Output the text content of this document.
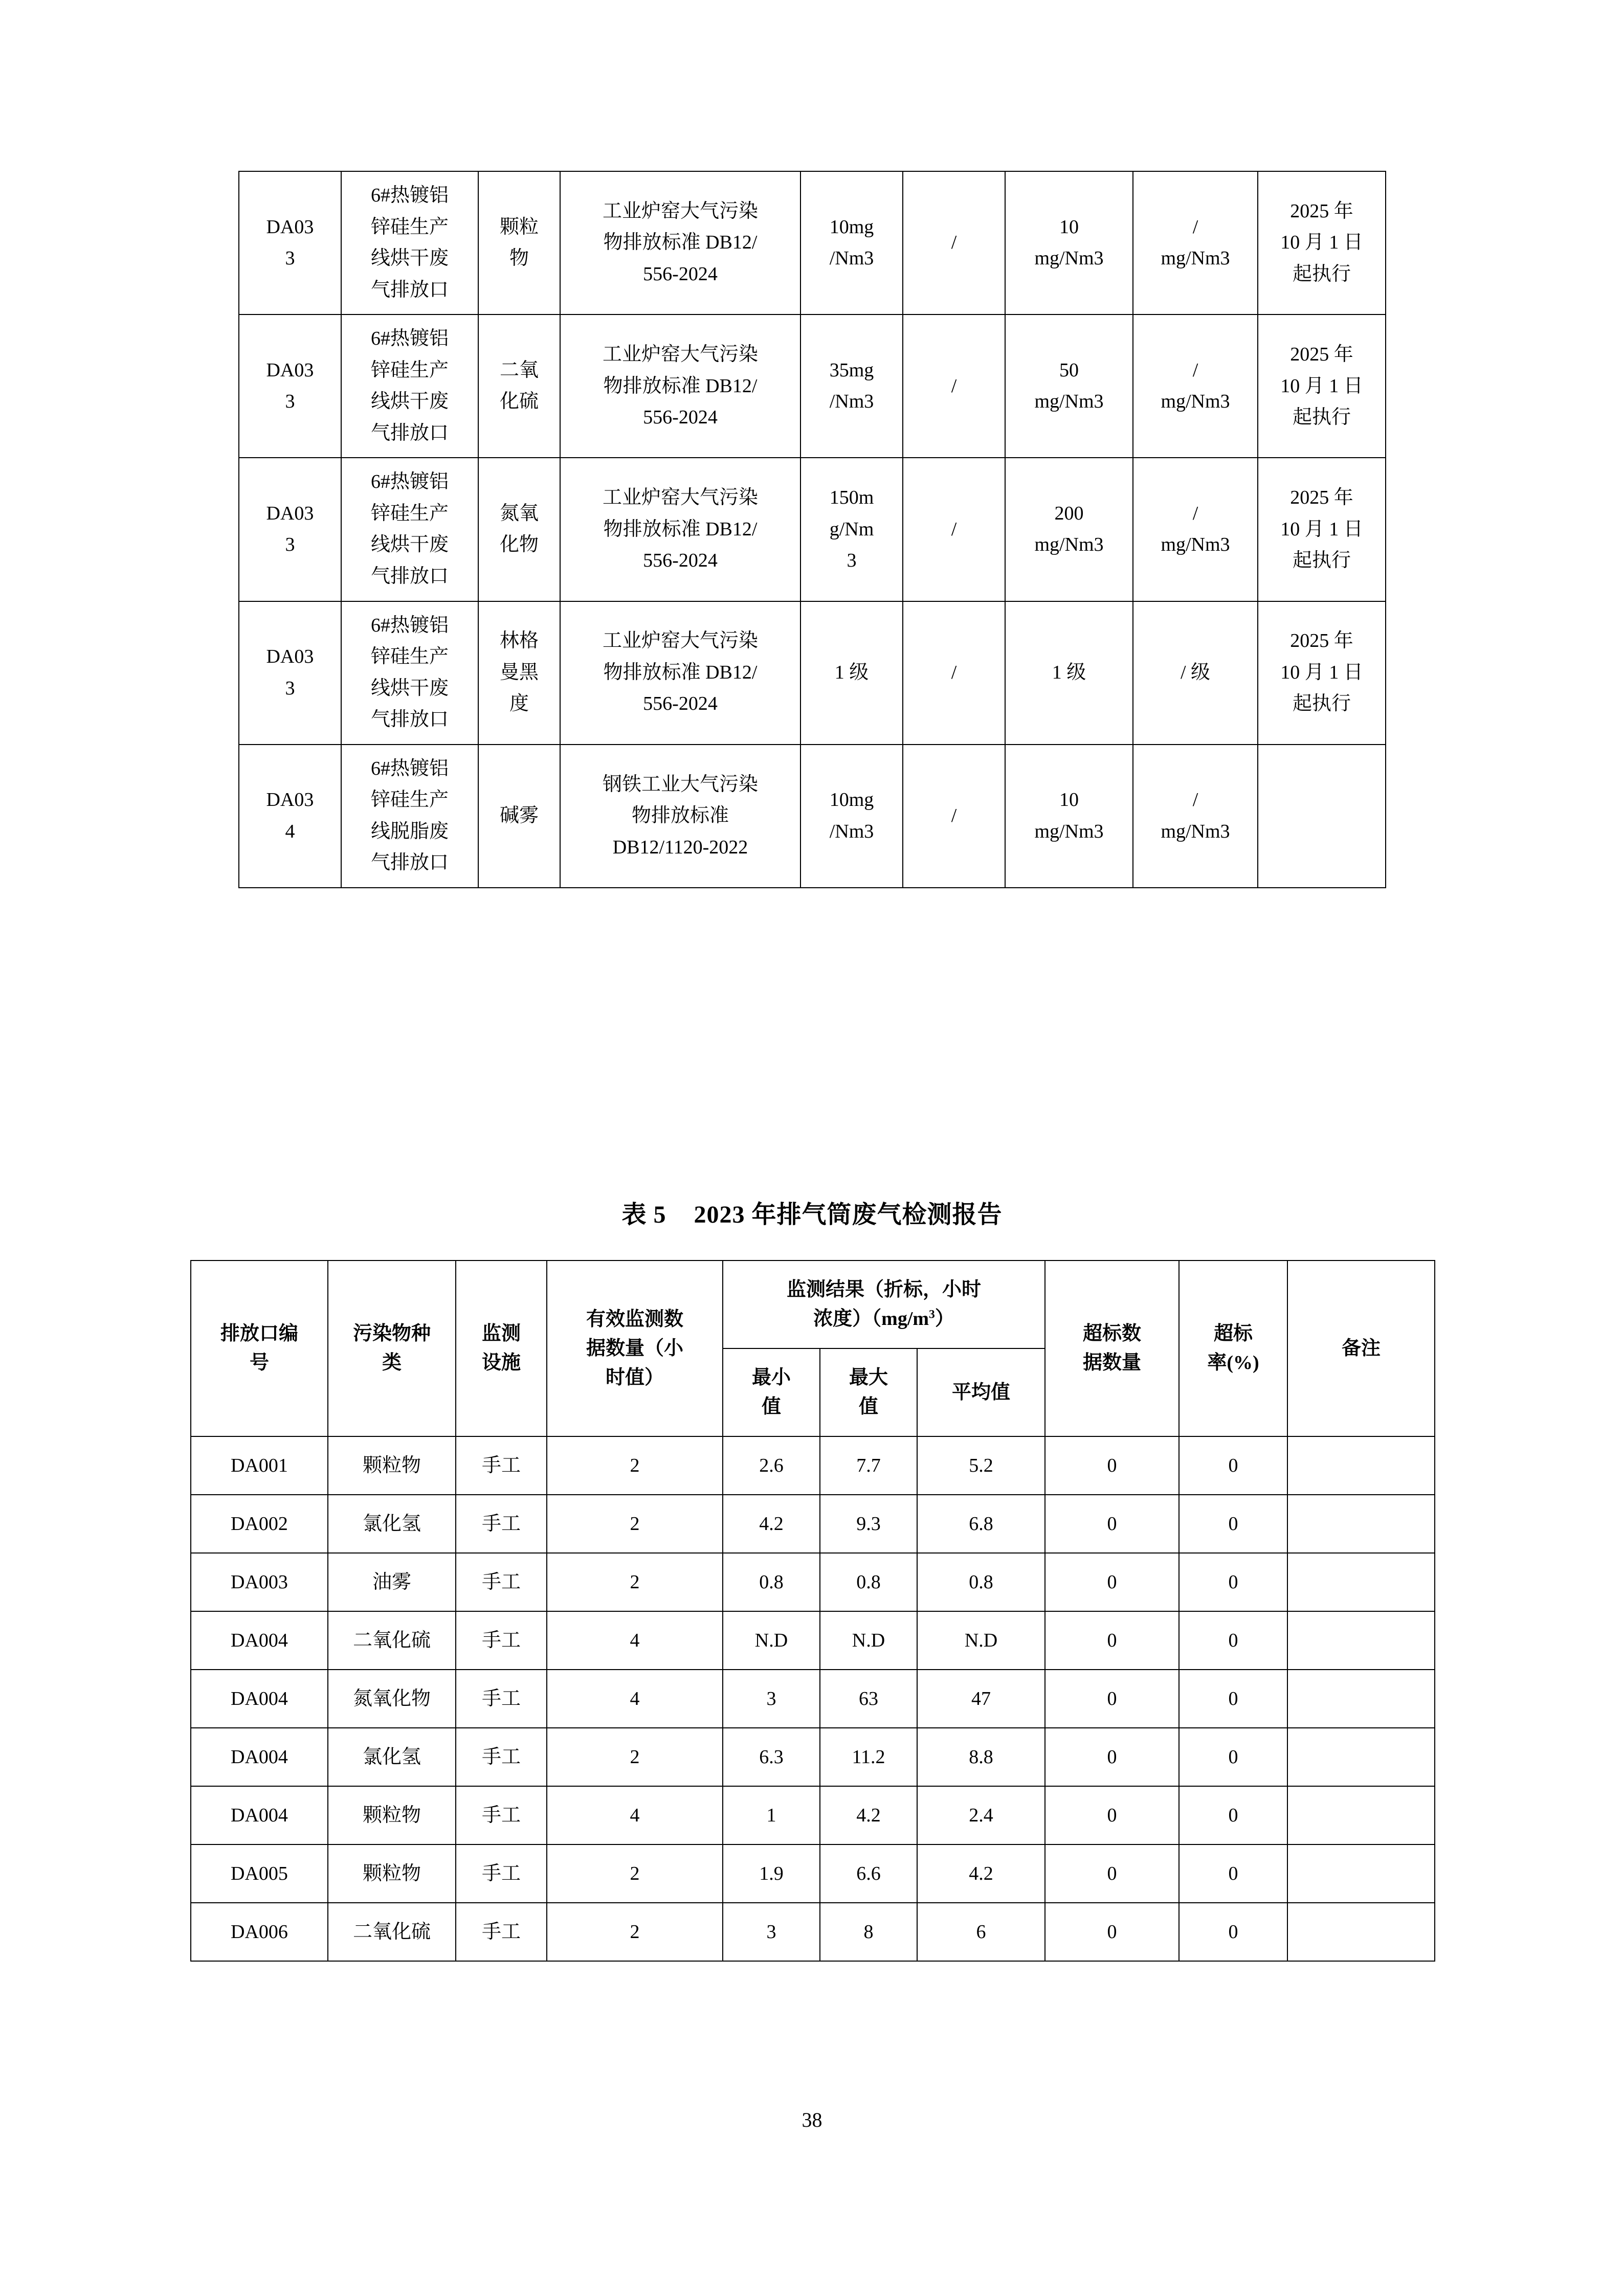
DA03
3	6#热镀铝
锌硅生产
线烘干废
气排放口	颗粒
物	工业炉窑大气污染
物排放标准 DB12/
556-2024	10mg
/Nm3	/	10
mg/Nm3	/
mg/Nm3	2025 年
10 月 1 日
起执行

DA03
3	6#热镀铝
锌硅生产
线烘干废
气排放口	二氧
化硫	工业炉窑大气污染
物排放标准 DB12/
556-2024	35mg
/Nm3	/	50
mg/Nm3	/
mg/Nm3	2025 年
10 月 1 日
起执行

DA03
3	6#热镀铝
锌硅生产
线烘干废
气排放口	氮氧
化物	工业炉窑大气污染
物排放标准 DB12/
556-2024	150m
g/Nm
3	/	200
mg/Nm3	/
mg/Nm3	2025 年
10 月 1 日
起执行

DA03
3	6#热镀铝
锌硅生产
线烘干废
气排放口	林格
曼黑
度	工业炉窑大气污染
物排放标准 DB12/
556-2024	1 级	/	1 级	/ 级	2025 年
10 月 1 日
起执行

DA03
4	6#热镀铝
锌硅生产
线脱脂废
气排放口	碱雾	钢铁工业大气污染
物排放标准
DB12/1120-2022	10mg
/Nm3	/	10
mg/Nm3	/
mg/Nm3	

表 5 2023 年排气筒废气检测报告
排放口编
号	污染物种
类	监测
设施	有效监测数
据数量（小
时值）	监测结果（折标，小时
浓度）$(mg/m^3)$			超标数
据数量	超标
率(%)	备注

				最小
值	最大
值	平均值			

DA001	颗粒物	手工	2	2.6	7.7	5.2	0	0	
DA002	氯化氢	手工	2	4.2	9.3	6.8	0	0	
DA003	油雾	手工	2	0.8	0.8	0.8	0	0	
DA004	二氧化硫	手工	4	N.D	N.D	N.D	0	0	
DA004	氮氧化物	手工	4	3	63	47	0	0	
DA004	氯化氢	手工	2	6.3	11.2	8.8	0	0	
DA004	颗粒物	手工	4	1	4.2	2.4	0	0	
DA005	颗粒物	手工	2	1.9	6.6	4.2	0	0	
DA006	二氧化硫	手工	2	3	8	6	0	0	
38
